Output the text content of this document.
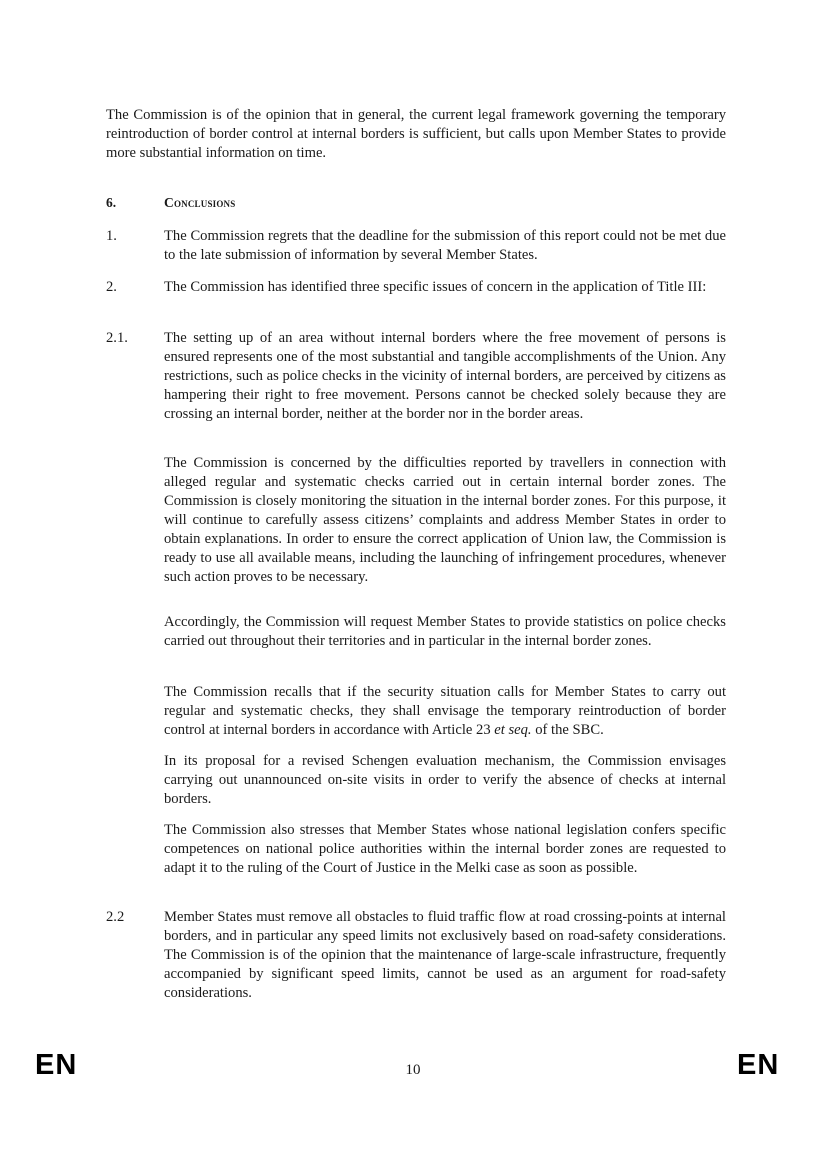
The Commission is of the opinion that in general, the current legal framework governing the temporary reintroduction of border control at internal borders is sufficient, but calls upon Member States to provide more substantial information on time.

6.	Conclusions
1.	The Commission regrets that the deadline for the submission of this report could not be met due to the late submission of information by several Member States.

2.	The Commission has identified three specific issues of concern in the application of Title III:

2.1.	The setting up of an area without internal borders where the free movement of persons is ensured represents one of the most substantial and tangible accomplishments of the Union. Any restrictions, such as police checks in the vicinity of internal borders, are perceived by citizens as hampering their right to free movement. Persons cannot be checked solely because they are crossing an internal border, neither at the border nor in the border areas.

The Commission is concerned by the difficulties reported by travellers in connection with alleged regular and systematic checks carried out in certain internal border zones. The Commission is closely monitoring the situation in the internal border zones. For this purpose, it will continue to carefully assess citizens’ complaints and address Member States in order to obtain explanations. In order to ensure the correct application of Union law, the Commission is ready to use all available means, including the launching of infringement procedures, whenever such action proves to be necessary.

Accordingly, the Commission will request Member States to provide statistics on police checks carried out throughout their territories and in particular in the internal border zones.

The Commission recalls that if the security situation calls for Member States to carry out regular and systematic checks, they shall envisage the temporary reintroduction of border control at internal borders in accordance with Article 23 et seq. of the SBC.

In its proposal for a revised Schengen evaluation mechanism, the Commission envisages carrying out unannounced on-site visits in order to verify the absence of checks at internal borders.

The Commission also stresses that Member States whose national legislation confers specific competences on national police authorities within the internal border zones are requested to adapt it to the ruling of the Court of Justice in the Melki case as soon as possible.

2.2	Member States must remove all obstacles to fluid traffic flow at road crossing-points at internal borders, and in particular any speed limits not exclusively based on road-safety considerations. The Commission is of the opinion that the maintenance of large-scale infrastructure, frequently accompanied by significant speed limits, cannot be used as an argument for road-safety considerations.

EN	10	EN
